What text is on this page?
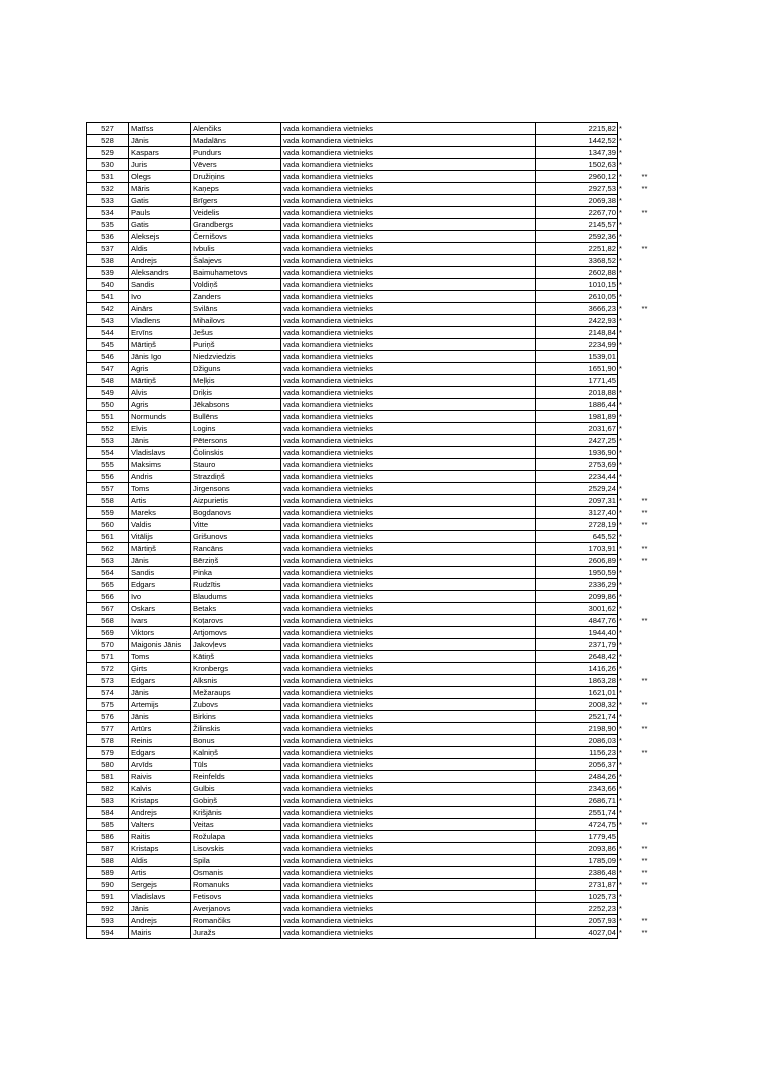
527	Matīss	Alenčiks	vada komandiera vietnieks	2215,82	*	
528	Jānis	Madalāns	vada komandiera vietnieks	1442,52	*	
529	Kaspars	Pundurs	vada komandiera vietnieks	1347,39	*	
530	Juris	Vēvers	vada komandiera vietnieks	1502,63	*	
531	Olegs	Družiņins	vada komandiera vietnieks	2960,12	*	**
532	Māris	Kaņeps	vada komandiera vietnieks	2927,53	*	**
533	Gatis	Brīgers	vada komandiera vietnieks	2069,38	*	
534	Pauls	Veidelis	vada komandiera vietnieks	2267,70	*	**
535	Gatis	Grandbergs	vada komandiera vietnieks	2145,57	*	
536	Aleksejs	Černišovs	vada komandiera vietnieks	2592,36	*	
537	Aldis	Ivbulis	vada komandiera vietnieks	2251,82	*	**
538	Andrejs	Šalajevs	vada komandiera vietnieks	3368,52	*	
539	Aleksandrs	Baimuhametovs	vada komandiera vietnieks	2602,88	*	
540	Sandis	Voldiņš	vada komandiera vietnieks	1010,15	*	
541	Ivo	Zanders	vada komandiera vietnieks	2610,05	*	
542	Ainārs	Svilāns	vada komandiera vietnieks	3666,23	*	**
543	Vladlens	Mihailovs	vada komandiera vietnieks	2422,93	*	
544	Ervīns	Ješus	vada komandiera vietnieks	2148,84	*	
545	Mārtiņš	Puriņš	vada komandiera vietnieks	2234,99	*	
546	Jānis Igo	Niedzviedzis	vada komandiera vietnieks	1539,01		
547	Agris	Džiguns	vada komandiera vietnieks	1651,90	*	
548	Mārtiņš	Meļķis	vada komandiera vietnieks	1771,45		
549	Alvis	Driķis	vada komandiera vietnieks	2018,88	*	
550	Agris	Jēkabsons	vada komandiera vietnieks	1886,44	*	
551	Normunds	Bullēns	vada komandiera vietnieks	1981,89	*	
552	Elvis	Logins	vada komandiera vietnieks	2031,67	*	
553	Jānis	Pētersons	vada komandiera vietnieks	2427,25	*	
554	Vladislavs	Čolinskis	vada komandiera vietnieks	1936,90	*	
555	Maksims	Stauro	vada komandiera vietnieks	2753,69	*	
556	Andris	Strazdiņš	vada komandiera vietnieks	2234,44	*	
557	Toms	Jirgensons	vada komandiera vietnieks	2529,24	*	
558	Artis	Aizpurietis	vada komandiera vietnieks	2097,31	*	**
559	Mareks	Bogdanovs	vada komandiera vietnieks	3127,40	*	**
560	Valdis	Vitte	vada komandiera vietnieks	2728,19	*	**
561	Vitālijs	Grišunovs	vada komandiera vietnieks	645,52	*	
562	Mārtiņš	Rancāns	vada komandiera vietnieks	1703,91	*	**
563	Jānis	Bērziņš	vada komandiera vietnieks	2606,89	*	**
564	Sandis	Pinka	vada komandiera vietnieks	1950,59	*	
565	Edgars	Rudzītis	vada komandiera vietnieks	2336,29	*	
566	Ivo	Blaudums	vada komandiera vietnieks	2099,86	*	
567	Oskars	Betaks	vada komandiera vietnieks	3001,62	*	
568	Ivars	Koṭarovs	vada komandiera vietnieks	4847,76	*	**
569	Viktors	Artjomovs	vada komandiera vietnieks	1944,40	*	
570	Maigonis Jānis	Jakovļevs	vada komandiera vietnieks	2371,79	*	
571	Toms	Kātiņš	vada komandiera vietnieks	2648,42	*	
572	Ģirts	Kronbergs	vada komandiera vietnieks	1416,26	*	
573	Edgars	Alksnis	vada komandiera vietnieks	1863,28	*	**
574	Jānis	Mežaraups	vada komandiera vietnieks	1621,01	*	
575	Artemijs	Zubovs	vada komandiera vietnieks	2008,32	*	**
576	Jānis	Birkins	vada komandiera vietnieks	2521,74	*	
577	Artūrs	Žilinskis	vada komandiera vietnieks	2198,90	*	**
578	Reinis	Bonus	vada komandiera vietnieks	2086,03	*	
579	Edgars	Kalniņš	vada komandiera vietnieks	1156,23	*	**
580	Arvīds	Tūls	vada komandiera vietnieks	2056,37	*	
581	Raivis	Reinfelds	vada komandiera vietnieks	2484,26	*	
582	Kalvis	Gulbis	vada komandiera vietnieks	2343,66	*	
583	Kristaps	Gobiņš	vada komandiera vietnieks	2686,71	*	
584	Andrejs	Krišjānis	vada komandiera vietnieks	2551,74	*	
585	Valters	Veitas	vada komandiera vietnieks	4724,75	*	**
586	Raitis	Rožulapa	vada komandiera vietnieks	1779,45		
587	Kristaps	Lisovskis	vada komandiera vietnieks	2093,86	*	**
588	Aldis	Spila	vada komandiera vietnieks	1785,09	*	**
589	Artis	Osmanis	vada komandiera vietnieks	2386,48	*	**
590	Sergejs	Romanuks	vada komandiera vietnieks	2731,87	*	**
591	Vladislavs	Fetisovs	vada komandiera vietnieks	1025,73	*	
592	Jānis	Averjanovs	vada komandiera vietnieks	2252,23	*	
593	Andrejs	Romančiks	vada komandiera vietnieks	2057,93	*	**
594	Mairis	Juražs	vada komandiera vietnieks	4027,04	*	**
